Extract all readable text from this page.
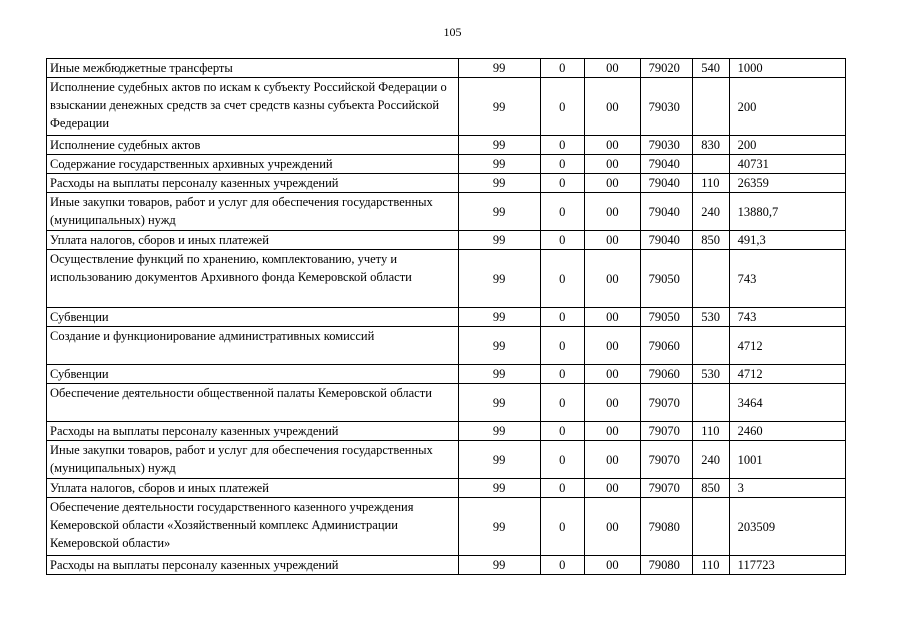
105
Иные межбюджетные трансферты	99	0	00	79020	540	1000
Исполнение судебных актов по искам к субъекту Российской Федерации о взыскании денежных средств за счет средств казны субъекта Российской Федерации	99	0	00	79030		200
Исполнение судебных актов	99	0	00	79030	830	200
Содержание государственных архивных учреждений	99	0	00	79040		40731
Расходы на выплаты персоналу казенных учреждений	99	0	00	79040	110	26359
Иные закупки товаров, работ и услуг для обеспечения государственных (муниципальных) нужд	99	0	00	79040	240	13880,7
Уплата налогов, сборов и иных платежей	99	0	00	79040	850	491,3
Осуществление функций по хранению, комплектованию, учету и использованию документов Архивного фонда Кемеровской области	99	0	00	79050		743
Субвенции	99	0	00	79050	530	743
Создание и функционирование административных комиссий	99	0	00	79060		4712
Субвенции	99	0	00	79060	530	4712
Обеспечение деятельности общественной палаты Кемеровской области	99	0	00	79070		3464
Расходы на выплаты персоналу казенных учреждений	99	0	00	79070	110	2460
Иные закупки товаров, работ и услуг для обеспечения государственных (муниципальных) нужд	99	0	00	79070	240	1001
Уплата налогов, сборов и иных платежей	99	0	00	79070	850	3
Обеспечение деятельности государственного казенного учреждения Кемеровской области «Хозяйственный комплекс Администрации Кемеровской области»	99	0	00	79080		203509
Расходы на выплаты персоналу казенных учреждений	99	0	00	79080	110	117723
